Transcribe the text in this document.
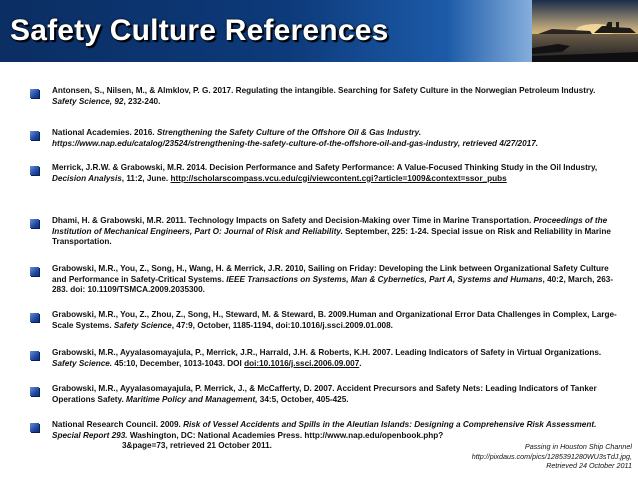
Safety Culture References
Antonsen, S., Nilsen, M., & Almklov, P. G. 2017. Regulating the intangible. Searching for Safety Culture in the Norwegian Petroleum Industry. Safety Science, 92, 232-240.
National Academies. 2016. Strengthening the Safety Culture of the Offshore Oil & Gas Industry. https://www.nap.edu/catalog/23524/strengthening-the-safety-culture-of-the-offshore-oil-and-gas-industry, retrieved 4/27/2017.
Merrick, J.R.W. & Grabowski, M.R. 2014. Decision Performance and Safety Performance: A Value-Focused Thinking Study in the Oil Industry, Decision Analysis, 11:2, June. http://scholarscompass.vcu.edu/cgi/viewcontent.cgi?article=1009&context=ssor_pubs
Dhami, H. & Grabowski, M.R. 2011. Technology Impacts on Safety and Decision-Making over Time in Marine Transportation. Proceedings of the Institution of Mechanical Engineers, Part O: Journal of Risk and Reliability. September, 225: 1-24. Special issue on Risk and Reliability in Marine Transportation.
Grabowski, M.R., You, Z., Song, H., Wang, H. & Merrick, J.R. 2010, Sailing on Friday: Developing the Link between Organizational Safety Culture and Performance in Safety-Critical Systems. IEEE Transactions on Systems, Man & Cybernetics, Part A, Systems and Humans, 40:2, March, 263-283. doi: 10.1109/TSMCA.2009.2035300.
Grabowski, M.R., You, Z., Zhou, Z., Song, H., Steward, M. & Steward, B. 2009.Human and Organizational Error Data Challenges in Complex, Large-Scale Systems. Safety Science, 47:9, October, 1185-1194, doi:10.1016/j.ssci.2009.01.008.
Grabowski, M.R., Ayyalasomayajula, P., Merrick, J.R., Harrald, J.H. & Roberts, K.H. 2007. Leading Indicators of Safety in Virtual Organizations. Safety Science. 45:10, December, 1013-1043. DOI doi:10.1016/j.ssci.2006.09.007.
Grabowski, M.R., Ayyalasomayajula, P. Merrick, J., & McCafferty, D. 2007. Accident Precursors and Safety Nets: Leading Indicators of Tanker Operations Safety. Maritime Policy and Management, 34:5, October, 405-425.
National Research Council. 2009. Risk of Vessel Accidents and Spills in the Aleutian Islands: Designing a Comprehensive Risk Assessment. Special Report 293. Washington, DC: National Academies Press. http://www.nap.edu/openbook.php?
3&page=73, retrieved 21 October 2011.	Passing in Houston Ship Channel
http://pixdaus.com/pics/1285391280WU3sTdJ.jpg,
Retrieved 24 October 2011
